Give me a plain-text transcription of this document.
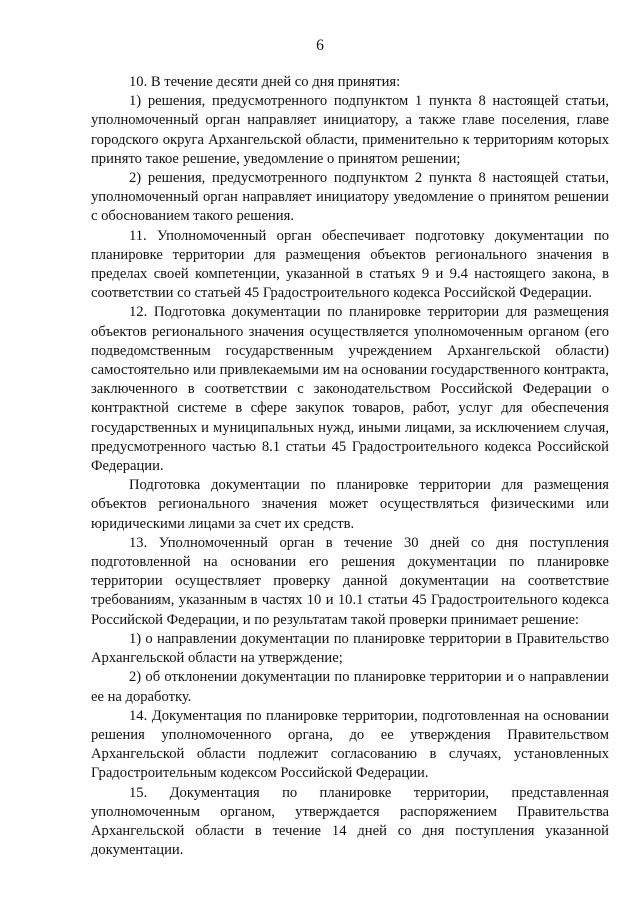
6

10. В течение десяти дней со дня принятия:

1) решения, предусмотренного подпунктом 1 пункта 8 настоящей статьи, уполномоченный орган направляет инициатору, а также главе поселения, главе городского округа Архангельской области, применительно к территориям которых принято такое решение, уведомление о принятом решении;

2) решения, предусмотренного подпунктом 2 пункта 8 настоящей статьи, уполномоченный орган направляет инициатору уведомление о принятом решении с обоснованием такого решения.

11. Уполномоченный орган обеспечивает подготовку документации по планировке территории для размещения объектов регионального значения в пределах своей компетенции, указанной в статьях 9 и 9.4 настоящего закона, в соответствии со статьей 45 Градостроительного кодекса Российской Федерации.

12. Подготовка документации по планировке территории для размещения объектов регионального значения осуществляется уполномоченным органом (его подведомственным государственным учреждением Архангельской области) самостоятельно или привлекаемыми им на основании государственного контракта, заключенного в соответствии с законодательством Российской Федерации о контрактной системе в сфере закупок товаров, работ, услуг для обеспечения государственных и муниципальных нужд, иными лицами, за исключением случая, предусмотренного частью 8.1 статьи 45 Градостроительного кодекса Российской Федерации.

Подготовка документации по планировке территории для размещения объектов регионального значения может осуществляться физическими или юридическими лицами за счет их средств.

13. Уполномоченный орган в течение 30 дней со дня поступления подготовленной на основании его решения документации по планировке территории осуществляет проверку данной документации на соответствие требованиям, указанным в частях 10 и 10.1 статьи 45 Градостроительного кодекса Российской Федерации, и по результатам такой проверки принимает решение:

1) о направлении документации по планировке территории в Правительство Архангельской области на утверждение;

2) об отклонении документации по планировке территории и о направлении ее на доработку.

14. Документация по планировке территории, подготовленная на основании решения уполномоченного органа, до ее утверждения Правительством Архангельской области подлежит согласованию в случаях, установленных Градостроительным кодексом Российской Федерации.

15. Документация по планировке территории, представленная уполномоченным органом, утверждается распоряжением Правительства Архангельской области в течение 14 дней со дня поступления указанной документации.
